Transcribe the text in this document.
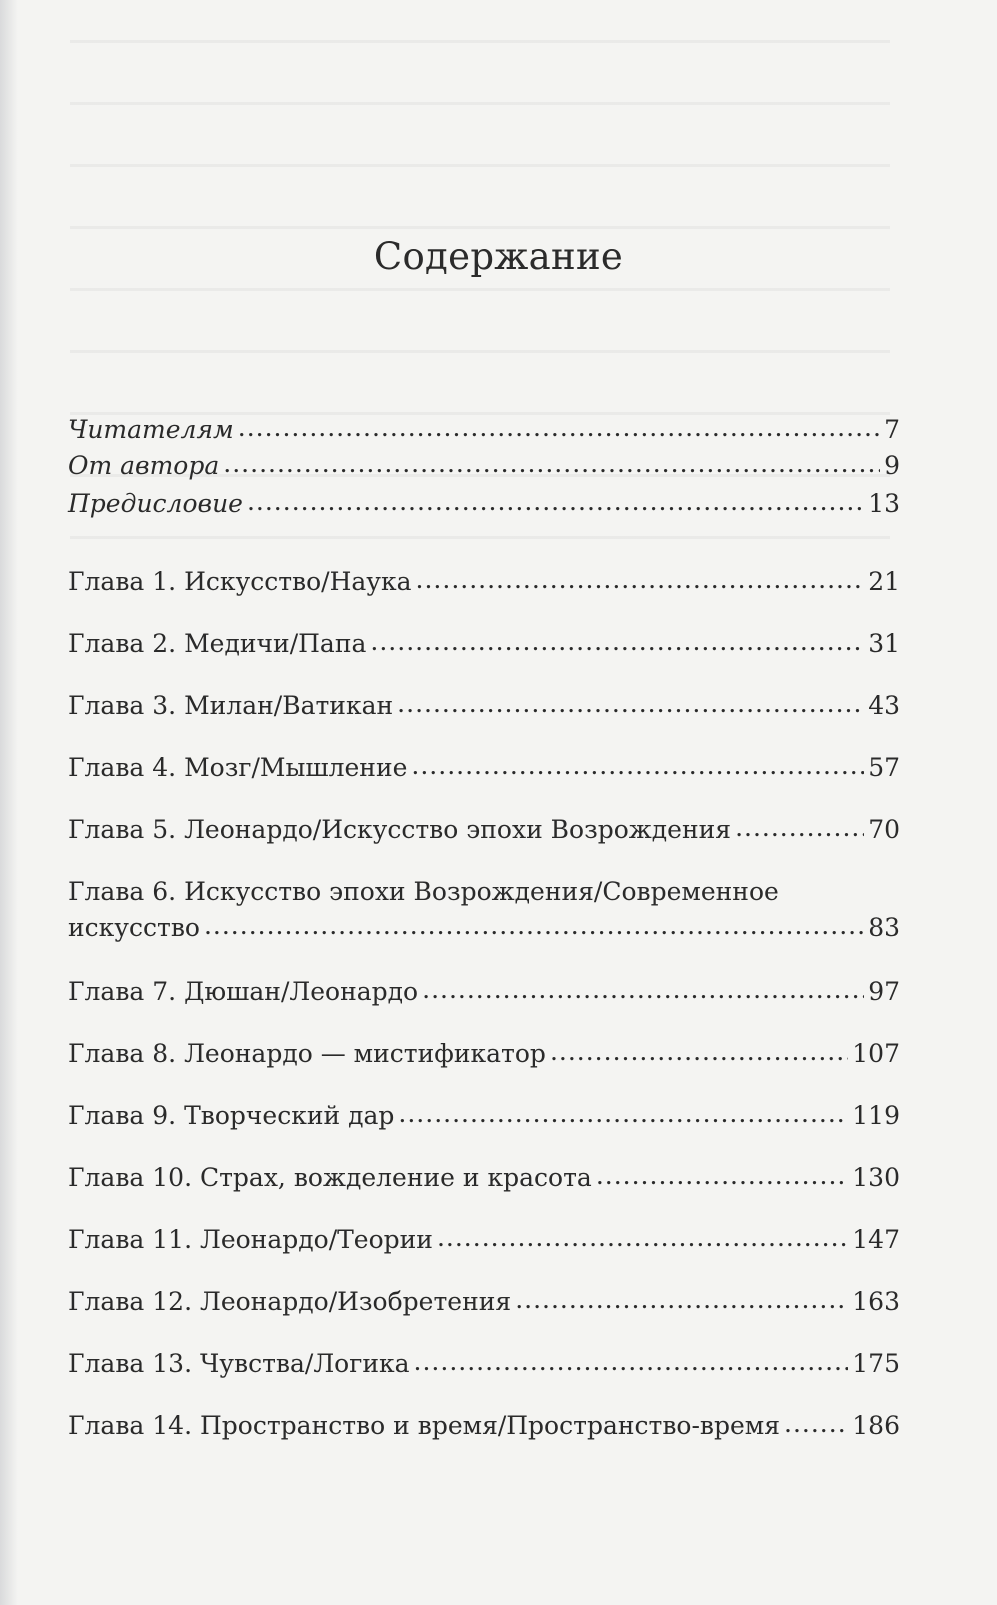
Содержание
Читателям .....	7
От автора .....	9
Предисловие .....	13
Глава 1. Искусство/Наука .....	21
Глава 2. Медичи/Папа .....	31
Глава 3. Милан/Ватикан .....	43
Глава 4. Мозг/Мышление .....	57
Глава 5. Леонардо/Искусство эпохи Возрождения .....	70
Глава 6. Искусство эпохи Возрождения/Современное
искусство .....	83
Глава 7. Дюшан/Леонардо .....	97
Глава 8. Леонардо — мистификатор .....	107
Глава 9. Творческий дар .....	119
Глава 10. Страх, вожделение и красота .....	130
Глава 11. Леонардо/Теории .....	147
Глава 12. Леонардо/Изобретения .....	163
Глава 13. Чувства/Логика .....	175
Глава 14. Пространство и время/Пространство-время .....	186
